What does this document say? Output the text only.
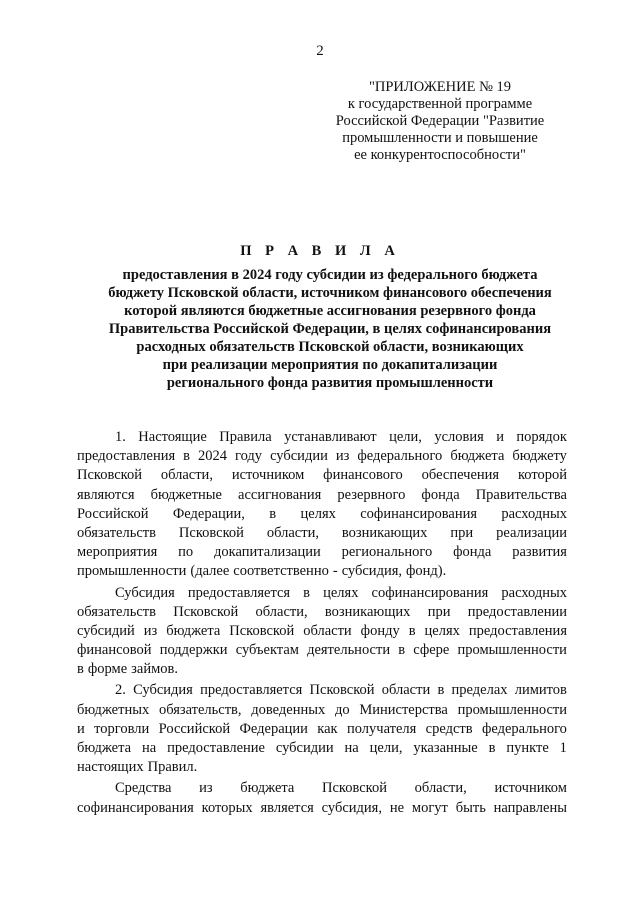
2
"ПРИЛОЖЕНИЕ № 19
к государственной программе
Российской Федерации "Развитие
промышленности и повышение
ее конкурентоспособности"
П Р А В И Л А
предоставления в 2024 году субсидии из федерального бюджета
бюджету Псковской области, источником финансового обеспечения
которой являются бюджетные ассигнования резервного фонда
Правительства Российской Федерации, в целях софинансирования
расходных обязательств Псковской области, возникающих
при реализации мероприятия по докапитализации
регионального фонда развития промышленности
1. Настоящие Правила устанавливают цели, условия и порядок
предоставления в 2024 году субсидии из федерального бюджета бюджету
Псковской области, источником финансового обеспечения которой
являются бюджетные ассигнования резервного фонда Правительства
Российской Федерации, в целях софинансирования расходных
обязательств Псковской области, возникающих при реализации
мероприятия по докапитализации регионального фонда развития
промышленности (далее соответственно - субсидия, фонд).
Субсидия предоставляется в целях софинансирования расходных
обязательств Псковской области, возникающих при предоставлении
субсидий из бюджета Псковской области фонду в целях предоставления
финансовой поддержки субъектам деятельности в сфере промышленности
в форме займов.
2. Субсидия предоставляется Псковской области в пределах лимитов
бюджетных обязательств, доведенных до Министерства промышленности
и торговли Российской Федерации как получателя средств федерального
бюджета на предоставление субсидии на цели, указанные в пункте 1
настоящих Правил.
Средства из бюджета Псковской области, источником
софинансирования которых является субсидия, не могут быть направлены
